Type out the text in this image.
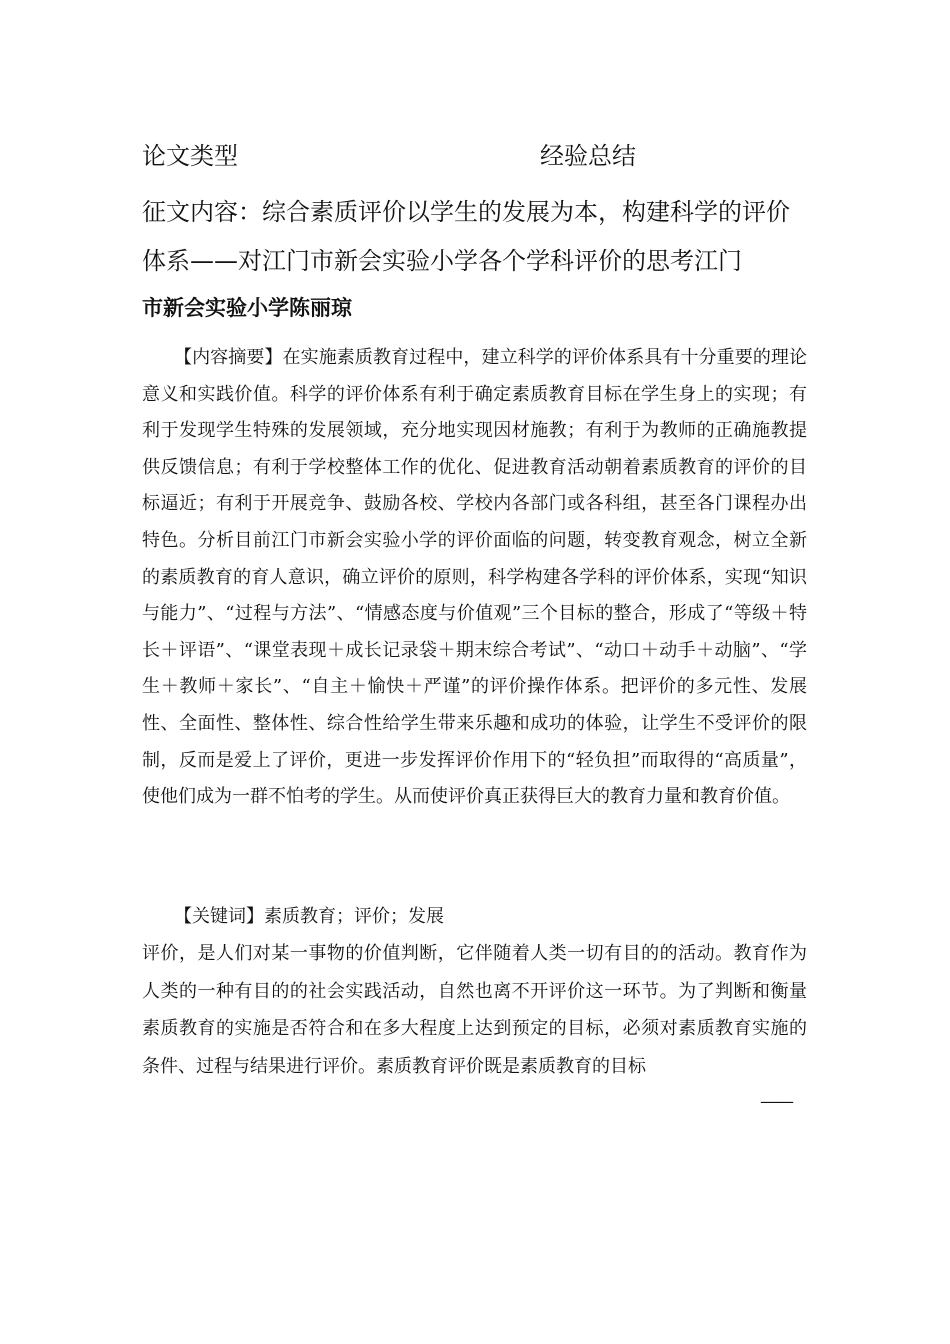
论文类型	经验总结
征文内容：综合素质评价以学生的发展为本，构建科学的评价体系——对江门市新会实验小学各个学科评价的思考江门
市新会实验小学陈丽琼

【内容摘要】在实施素质教育过程中，建立科学的评价体系具有十分重要的理论意义和实践价值。科学的评价体系有利于确定素质教育目标在学生身上的实现；有利于发现学生特殊的发展领域，充分地实现因材施教；有利于为教师的正确施教提供反馈信息；有利于学校整体工作的优化、促进教育活动朝着素质教育的评价的目标逼近；有利于开展竞争、鼓励各校、学校内各部门或各科组，甚至各门课程办出特色。分析目前江门市新会实验小学的评价面临的问题，转变教育观念，树立全新的素质教育的育人意识，确立评价的原则，科学构建各学科的评价体系，实现“知识与能力”、“过程与方法”、“情感态度与价值观”三个目标的整合，形成了“等级＋特长＋评语”、“课堂表现＋成长记录袋＋期末综合考试”、“动口＋动手＋动脑”、“学生＋教师＋家长”、“自主＋愉快＋严谨”的评价操作体系。把评价的多元性、发展性、全面性、整体性、综合性给学生带来乐趣和成功的体验，让学生不受评价的限制，反而是爱上了评价，更进一步发挥评价作用下的“轻负担”而取得的“高质量”，使他们成为一群不怕考的学生。从而使评价真正获得巨大的教育力量和教育价值。

【关键词】素质教育；评价；发展

评价，是人们对某一事物的价值判断，它伴随着人类一切有目的的活动。教育作为人类的一种有目的的社会实践活动，自然也离不开评价这一环节。为了判断和衡量素质教育的实施是否符合和在多大程度上达到预定的目标，必须对素质教育实施的条件、过程与结果进行评价。素质教育评价既是素质教育的目标

——
